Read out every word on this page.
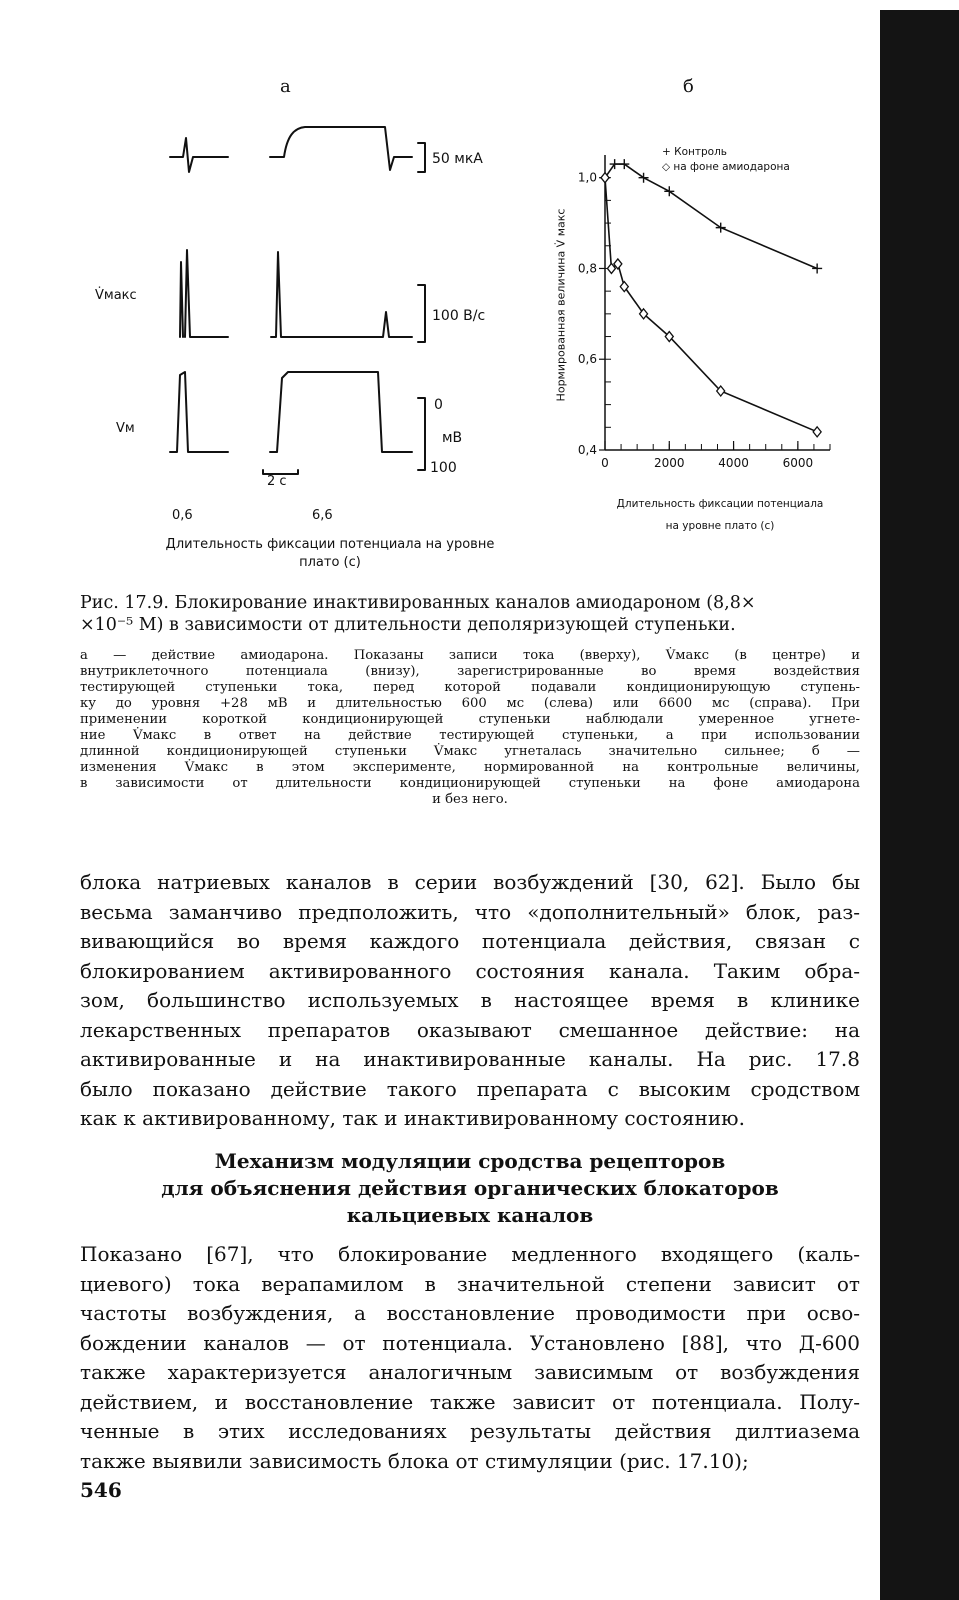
а
50 мкА
V̇макс
100 В/с
Vм
0
мВ
100
2 с
0,6	6,6
Длительность фиксации потенциала на уровне
плато (с)
б
+ Контроль
◇ на фоне амиодарона
Нормированная величина V̇ макс
0,4
0,6
0,8
1,0
0	2000	4000	6000
Длительность фиксации потенциала
на уровне плато (с)
Рис. 17.9. Блокирование инактивированных каналов амиодароном (8,8×
×10⁻⁵ М) в зависимости от длительности деполяризующей ступеньки.
а — действие амиодарона. Показаны записи тока (вверху), V̇макс (в центре) и
внутриклеточного потенциала (внизу), зарегистрированные во время воздействия
тестирующей ступеньки тока, перед которой подавали кондиционирующую ступень-
ку до уровня +28 мВ и длительностью 600 мс (слева) или 6600 мс (справа). При
применении короткой кондиционирующей ступеньки наблюдали умеренное угнете-
ние V̇макс в ответ на действие тестирующей ступеньки, а при использовании
длинной кондиционирующей ступеньки V̇макс угнеталась значительно сильнее; б —
изменения V̇макс в этом эксперименте, нормированной на контрольные величины,
в зависимости от длительности кондиционирующей ступеньки на фоне амиодарона
и без него.
блока натриевых каналов в серии возбуждений [30, 62]. Было бы
весьма заманчиво предположить, что «дополнительный» блок, раз-
вивающийся во время каждого потенциала действия, связан с
блокированием активированного состояния канала. Таким обра-
зом, большинство используемых в настоящее время в клинике
лекарственных препаратов оказывают смешанное действие: на
активированные и на инактивированные каналы. На рис. 17.8
было показано действие такого препарата с высоким сродством
как к активированному, так и инактивированному состоянию.
Механизм модуляции сродства рецепторов
для объяснения действия органических блокаторов
кальциевых каналов
Показано [67], что блокирование медленного входящего (каль-
циевого) тока верапамилом в значительной степени зависит от
частоты возбуждения, а восстановление проводимости при осво-
бождении каналов — от потенциала. Установлено [88], что Д-600
также характеризуется аналогичным зависимым от возбуждения
действием, и восстановление также зависит от потенциала. Полу-
ченные в этих исследованиях результаты действия дилтиазема
также выявили зависимость блока от стимуляции (рис. 17.10);
546
